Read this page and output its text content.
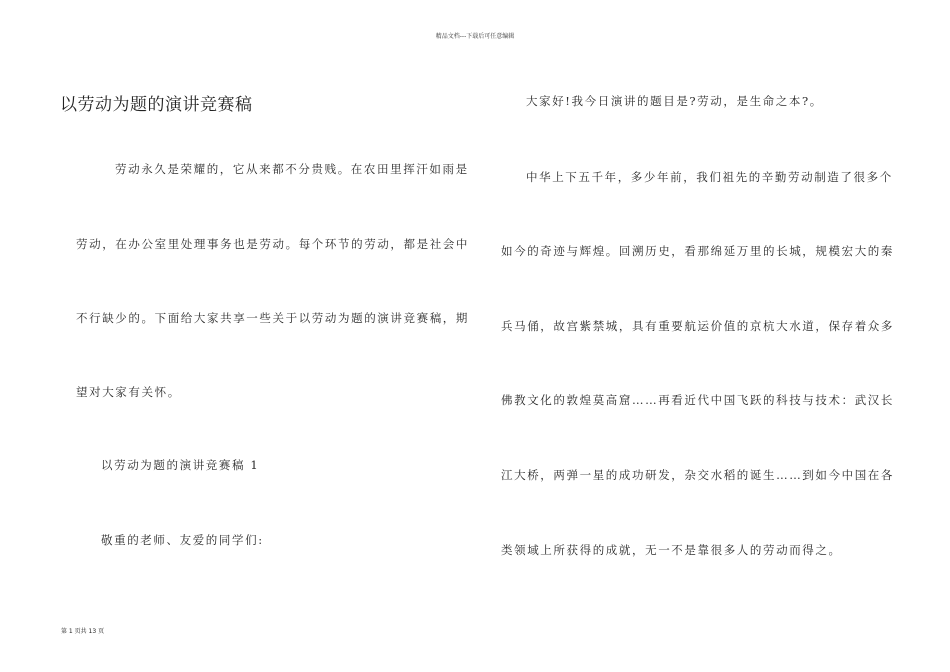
精品文档---下载后可任意编辑
以劳动为题的演讲竞赛稿
劳动永久是荣耀的，它从来都不分贵贱。在农田里挥汗如雨是
劳动，在办公室里处理事务也是劳动。每个环节的劳动，都是社会中
不行缺少的。下面给大家共享一些关于以劳动为题的演讲竞赛稿，期
望对大家有关怀。
以劳动为题的演讲竞赛稿 1
敬重的老师、友爱的同学们:
大家好!我今日演讲的题目是?劳动，是生命之本?。
中华上下五千年，多少年前，我们祖先的辛勤劳动制造了很多个
如今的奇迹与辉煌。回溯历史，看那绵延万里的长城，规模宏大的秦
兵马俑，故宫紫禁城，具有重要航运价值的京杭大水道，保存着众多
佛教文化的敦煌莫高窟……再看近代中国飞跃的科技与技术：武汉长
江大桥，两弹一星的成功研发，杂交水稻的诞生……到如今中国在各
类领域上所获得的成就，无一不是靠很多人的劳动而得之。
第 1 页共 13 页
